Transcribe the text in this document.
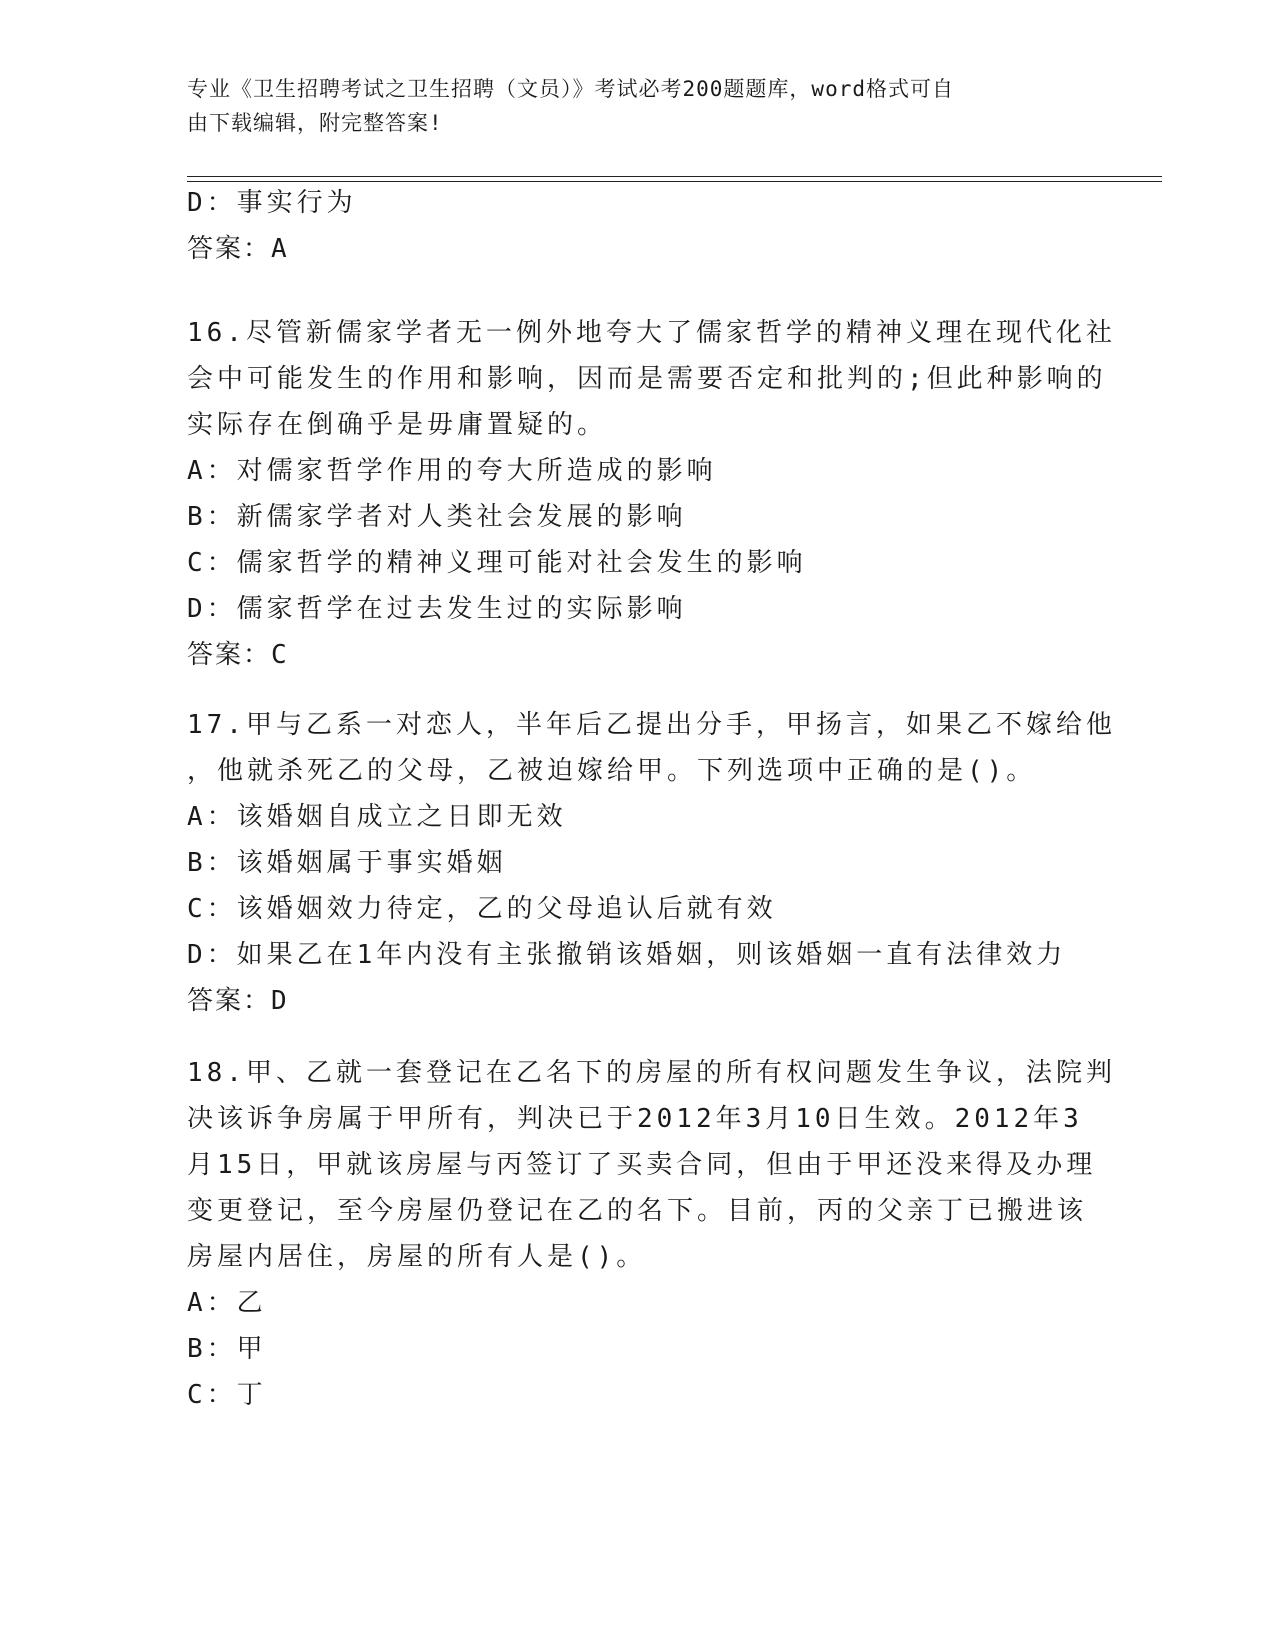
专业《卫生招聘考试之卫生招聘（文员）》考试必考200题题库，word格式可自
由下载编辑，附完整答案!
D：事实行为
答案：A
16.尽管新儒家学者无一例外地夸大了儒家哲学的精神义理在现代化社
会中可能发生的作用和影响，因而是需要否定和批判的;但此种影响的
实际存在倒确乎是毋庸置疑的。
A：对儒家哲学作用的夸大所造成的影响
B：新儒家学者对人类社会发展的影响
C：儒家哲学的精神义理可能对社会发生的影响
D：儒家哲学在过去发生过的实际影响
答案：C
17.甲与乙系一对恋人，半年后乙提出分手，甲扬言，如果乙不嫁给他
，他就杀死乙的父母，乙被迫嫁给甲。下列选项中正确的是()。
A：该婚姻自成立之日即无效
B：该婚姻属于事实婚姻
C：该婚姻效力待定，乙的父母追认后就有效
D：如果乙在1年内没有主张撤销该婚姻，则该婚姻一直有法律效力
答案：D
18.甲、乙就一套登记在乙名下的房屋的所有权问题发生争议，法院判
决该诉争房属于甲所有，判决已于2012年3月10日生效。2012年3
月15日，甲就该房屋与丙签订了买卖合同，但由于甲还没来得及办理
变更登记，至今房屋仍登记在乙的名下。目前，丙的父亲丁已搬进该
房屋内居住，房屋的所有人是()。
A：乙
B：甲
C：丁
